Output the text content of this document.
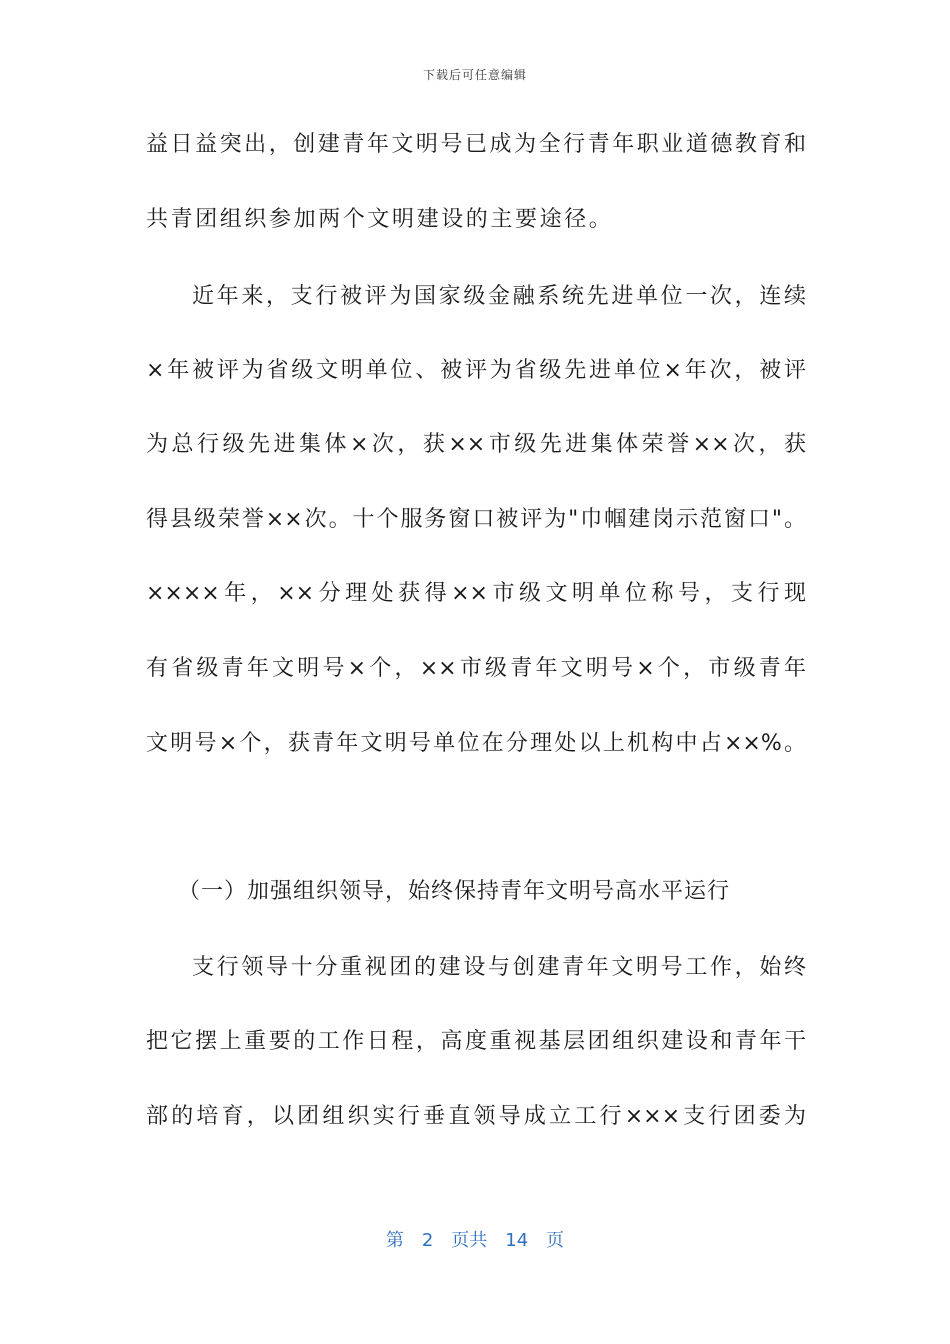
下载后可任意编辑
益日益突出，创建青年文明号已成为全行青年职业道德教育和
共青团组织参加两个文明建设的主要途径。
近年来，支行被评为国家级金融系统先进单位一次，连续
×年被评为省级文明单位、被评为省级先进单位×年次，被评
为总行级先进集体×次，获××市级先进集体荣誉××次，获
得县级荣誉××次。十个服务窗口被评为"巾帼建岗示范窗口"。
××××年，××分理处获得××市级文明单位称号，支行现
有省级青年文明号×个，××市级青年文明号×个，市级青年
文明号×个，获青年文明号单位在分理处以上机构中占××%。
（一）加强组织领导，始终保持青年文明号高水平运行
支行领导十分重视团的建设与创建青年文明号工作，始终
把它摆上重要的工作日程，高度重视基层团组织建设和青年干
部的培育，以团组织实行垂直领导成立工行×××支行团委为
第 2 页共 14 页
